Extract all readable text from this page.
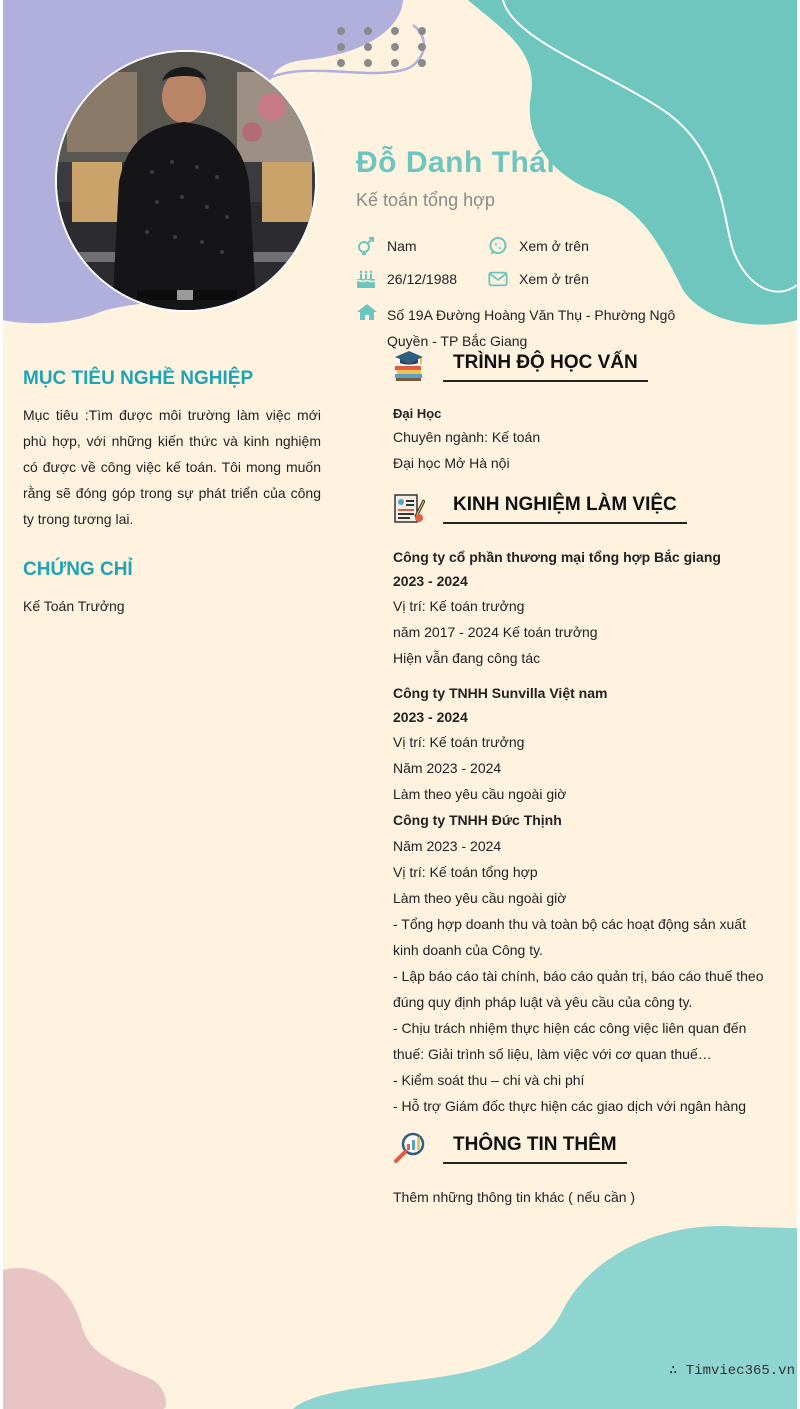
Đỗ Danh Thái
Kế toán tổng hợp
Nam	Xem ở trên
26/12/1988	Xem ở trên
Số 19A Đường Hoàng Văn Thụ - Phường Ngô Quyền - TP Bắc Giang
MỤC TIÊU NGHỀ NGHIỆP
Mục tiêu :Tìm được môi trường làm việc mới phù hợp, với những kiến thức và kinh nghiệm có được về công việc kế toán. Tôi mong muốn rằng sẽ đóng góp trong sự phát triển của công ty trong tương lai.
CHỨNG CHỈ
Kế Toán Trưởng
TRÌNH ĐỘ HỌC VẤN
Đại Học
Chuyên ngành: Kế toán
Đại học Mở Hà nội
KINH NGHIỆM LÀM VIỆC
Công ty cổ phần thương mại tổng hợp Bắc giang
2023 - 2024
Vị trí: Kế toán trưởng
năm 2017 - 2024 Kế toán trưởng
Hiện vẫn đang công tác
Công ty TNHH Sunvilla Việt nam
2023 - 2024
Vị trí: Kế toán trưởng
Năm 2023 - 2024
Làm theo yêu cầu ngoài giờ
Công ty TNHH Đức Thịnh
Năm 2023 - 2024
Vị trí: Kế toán tổng hợp
Làm theo yêu cầu ngoài giờ
- Tổng hợp doanh thu và toàn bộ các hoạt động sản xuất kinh doanh của Công ty.
- Lập báo cáo tài chính, báo cáo quản trị, báo cáo thuế theo đúng quy định pháp luật và yêu cầu của công ty.
- Chịu trách nhiệm thực hiện các công việc liên quan đến thuế: Giải trình số liệu, làm việc với cơ quan thuế…
- Kiểm soát thu – chi và chi phí
- Hỗ trợ Giám đốc thực hiện các giao dịch với ngân hàng
THÔNG TIN THÊM
Thêm những thông tin khác ( nếu cần )
∴ Timviec365.vn
